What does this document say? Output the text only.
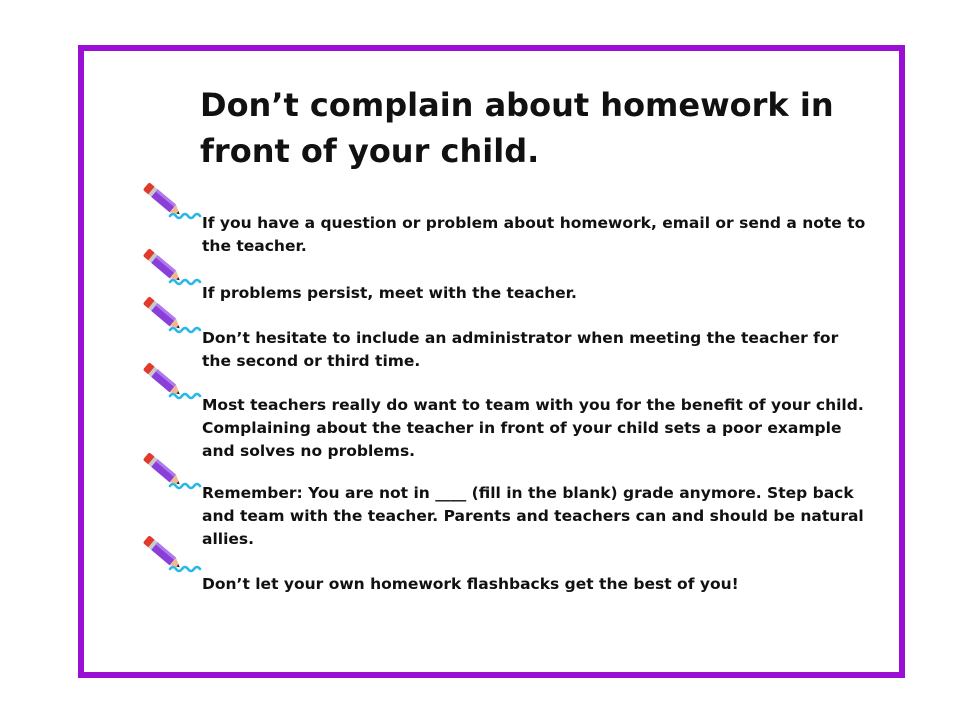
Don’t complain about homework in front of your child.

If you have a question or problem about homework, email or send a note to the teacher.

If problems persist, meet with the teacher.

Don’t hesitate to include an administrator when meeting the teacher for the second or third time.

Most teachers really do want to team with you for the benefit of your child. Complaining about the teacher in front of your child sets a poor example and solves no problems.

Remember: You are not in ____ (fill in the blank) grade anymore. Step back and team with the teacher. Parents and teachers can and should be natural allies.

Don’t let your own homework flashbacks get the best of you!
